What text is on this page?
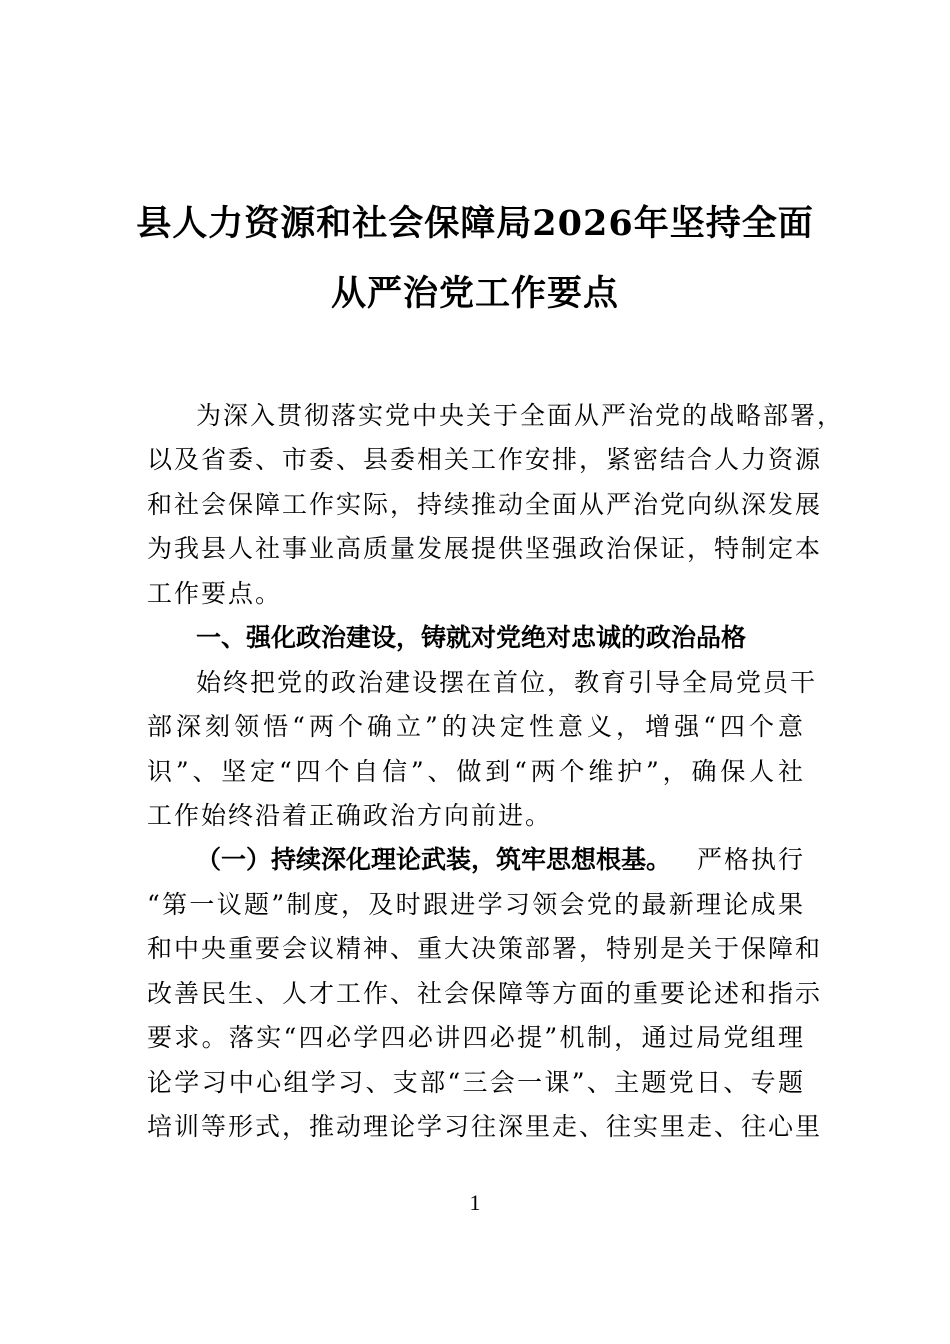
县人力资源和社会保障局2026年坚持全面
从严治党工作要点
为深入贯彻落实党中央关于全面从严治党的战略部署，
以及省委、市委、县委相关工作安排，紧密结合人力资源
和社会保障工作实际，持续推动全面从严治党向纵深发展
为我县人社事业高质量发展提供坚强政治保证，特制定本
工作要点。
一、强化政治建设，铸就对党绝对忠诚的政治品格
始终把党的政治建设摆在首位，教育引导全局党员干
部深刻领悟“两个确立”的决定性意义，增强“四个意
识”、坚定“四个自信”、做到“两个维护”，确保人社
工作始终沿着正确政治方向前进。
（一）持续深化理论武装，筑牢思想根基。 严格执行
“第一议题”制度，及时跟进学习领会党的最新理论成果
和中央重要会议精神、重大决策部署，特别是关于保障和
改善民生、人才工作、社会保障等方面的重要论述和指示
要求。落实“四必学四必讲四必提”机制，通过局党组理
论学习中心组学习、支部“三会一课”、主题党日、专题
培训等形式，推动理论学习往深里走、往实里走、往心里
1
